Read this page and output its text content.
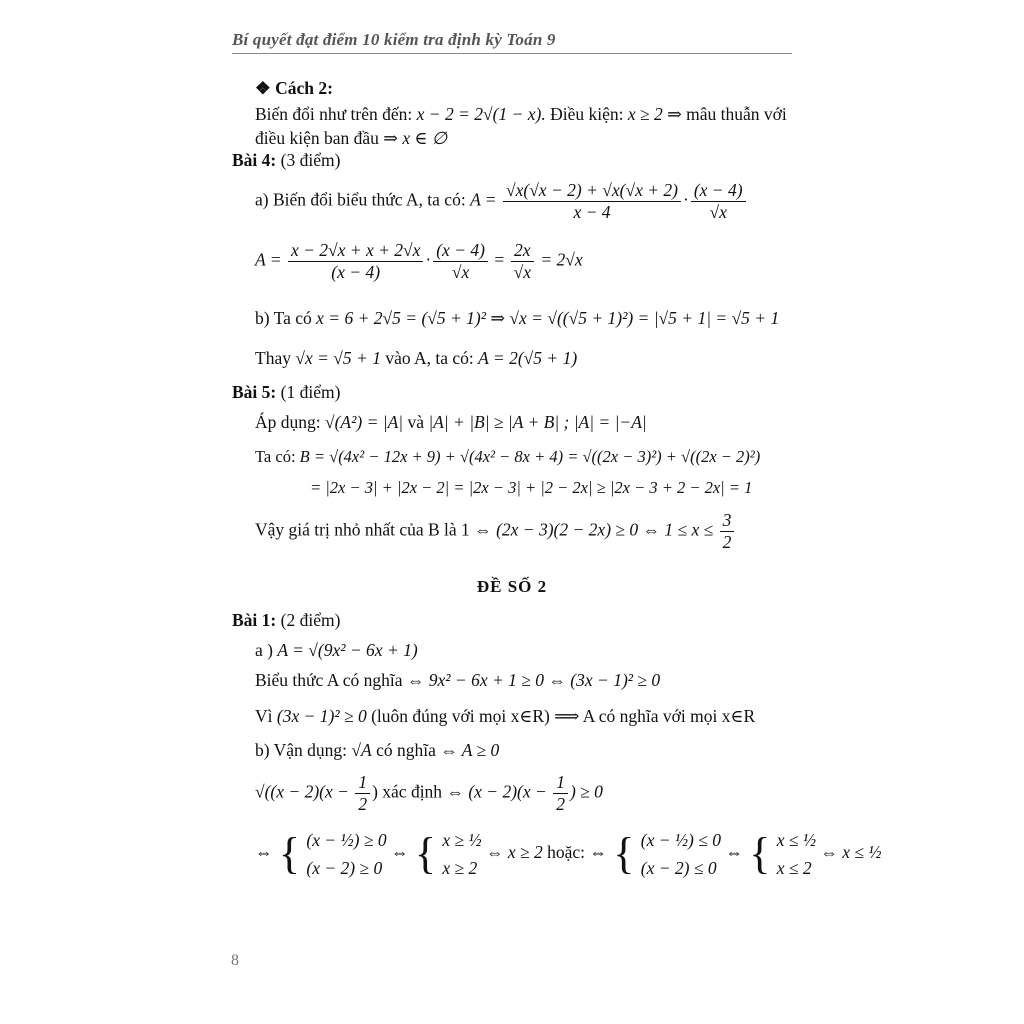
Bí quyết đạt điểm 10 kiểm tra định kỳ Toán 9
❖ Cách 2:
Biến đổi như trên đến: x − 2 = 2√(1 − x). Điều kiện: x ≥ 2 ⇒ mâu thuẫn với
điều kiện ban đầu ⇒ x ∈ ∅
Bài 4: (3 điểm)
a) Biến đổi biểu thức A, ta có: $A = \frac{√x(√x - 2) + √x(√x + 2)}{x - 4} \cdot \frac{(x - 4)}{√x}$
$A = \frac{x - 2√x + x + 2√x}{(x - 4)} \cdot \frac{(x - 4)}{√x} = \frac{2x}{√x} = 2√x$
b) Ta có x = 6 + 2√5 = (√5 + 1)² ⇒ √x = √((√5 + 1)²) = |√5 + 1| = √5 + 1
Thay √x = √5 + 1 vào A, ta có: A = 2(√5 + 1)
Bài 5: (1 điểm)
Áp dụng: √(A²) = |A| và |A| + |B| ≥ |A + B| ; |A| = |−A|
Ta có: B = √(4x² − 12x + 9) + √(4x² − 8x + 4) = √((2x − 3)²) + √((2x − 2)²)
= |2x − 3| + |2x − 2| = |2x − 3| + |2 − 2x| ≥ |2x − 3 + 2 − 2x| = 1
Vậy giá trị nhỏ nhất của B là 1 ⇔ (2x − 3)(2 − 2x) ≥ 0 ⇔ $1 \le x \le \frac{3}{2}$
ĐỀ SỐ 2
Bài 1: (2 điểm)
a ) A = √(9x² − 6x + 1)
Biểu thức A có nghĩa ⇔ 9x² − 6x + 1 ≥ 0 ⇔ (3x − 1)² ≥ 0
Vì (3x − 1)² ≥ 0 (luôn đúng với mọi x∈R) ⟹ A có nghĩa với mọi x∈R
b) Vận dụng: √A có nghĩa ⇔ A ≥ 0
$√((x - 2)(x - \frac{1}{2}$ ) xác định ⇔ $(x - 2)(x - \frac{1}{2}$ ) ≥ 0
⇔ { (x − ½) ≥ 0
(x − 2) ≥ 0
⇔ { x ≥ ½
x ≥ 2
⇔ x ≥ 2 hoặc: ⇔ { (x − ½) ≤ 0
(x − 2) ≤ 0
⇔ { x ≤ ½
x ≤ 2
⇔ x ≤ ½
8
